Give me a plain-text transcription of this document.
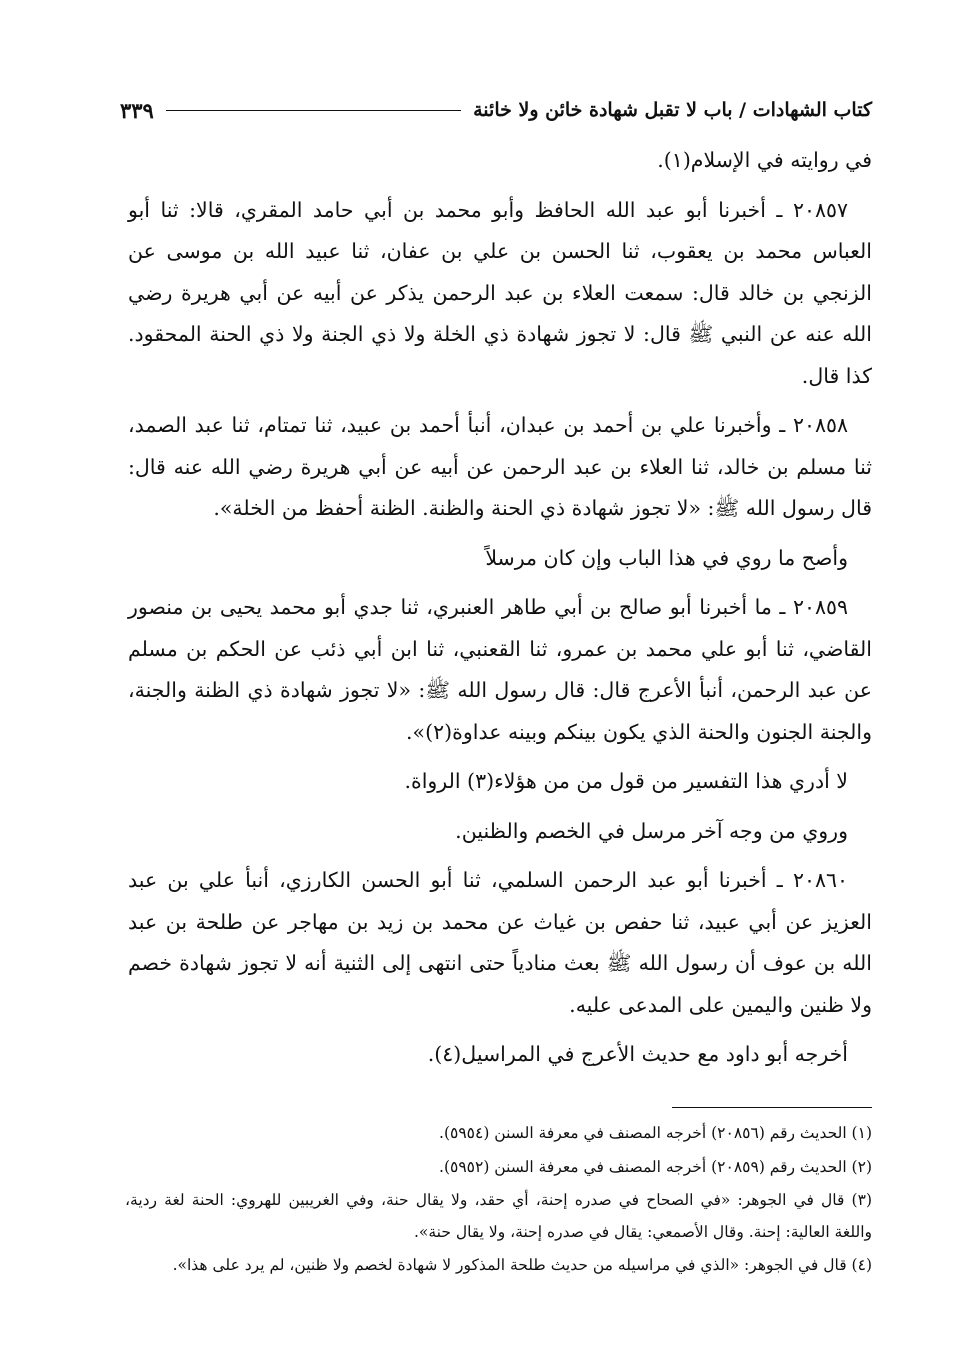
كتاب الشهادات / باب لا تقبل شهادة خائن ولا خائنة
٣٣٩

في روايته في الإسلام(١).

٢٠٨٥٧ ـ أخبرنا أبو عبد الله الحافظ وأبو محمد بن أبي حامد المقري، قالا: ثنا أبو العباس محمد بن يعقوب، ثنا الحسن بن علي بن عفان، ثنا عبيد الله بن موسى عن الزنجي بن خالد قال: سمعت العلاء بن عبد الرحمن يذكر عن أبيه عن أبي هريرة رضي الله عنه عن النبي ﷺ قال: لا تجوز شهادة ذي الخلة ولا ذي الجنة ولا ذي الحنة المحقود. كذا قال.

٢٠٨٥٨ ـ وأخبرنا علي بن أحمد بن عبدان، أنبأ أحمد بن عبيد، ثنا تمتام، ثنا عبد الصمد، ثنا مسلم بن خالد، ثنا العلاء بن عبد الرحمن عن أبيه عن أبي هريرة رضي الله عنه قال: قال رسول الله ﷺ: «لا تجوز شهادة ذي الحنة والظنة. الظنة أحفظ من الخلة».

وأصح ما روي في هذا الباب وإن كان مرسلاً

٢٠٨٥٩ ـ ما أخبرنا أبو صالح بن أبي طاهر العنبري، ثنا جدي أبو محمد يحيى بن منصور القاضي، ثنا أبو علي محمد بن عمرو، ثنا القعنبي، ثنا ابن أبي ذئب عن الحكم بن مسلم عن عبد الرحمن، أنبأ الأعرج قال: قال رسول الله ﷺ: «لا تجوز شهادة ذي الظنة والجنة، والجنة الجنون والحنة الذي يكون بينكم وبينه عداوة(٢)».

لا أدري هذا التفسير من قول من من هؤلاء(٣) الرواة.

وروي من وجه آخر مرسل في الخصم والظنين.

٢٠٨٦٠ ـ أخبرنا أبو عبد الرحمن السلمي، ثنا أبو الحسن الكارزي، أنبأ علي بن عبد العزيز عن أبي عبيد، ثنا حفص بن غياث عن محمد بن زيد بن مهاجر عن طلحة بن عبد الله بن عوف أن رسول الله ﷺ بعث منادياً حتى انتهى إلى الثنية أنه لا تجوز شهادة خصم ولا ظنين واليمين على المدعى عليه.

أخرجه أبو داود مع حديث الأعرج في المراسيل(٤).

(١) الحديث رقم (٢٠٨٥٦) أخرجه المصنف في معرفة السنن (٥٩٥٤).

(٢) الحديث رقم (٢٠٨٥٩) أخرجه المصنف في معرفة السنن (٥٩٥٢).

(٣) قال في الجوهر: «في الصحاح في صدره إحنة، أي حقد، ولا يقال حنة، وفي الغريبين للهروي: الحنة لغة ردية، واللغة العالية: إحنة. وقال الأصمعي: يقال في صدره إحنة، ولا يقال حنة».

(٤) قال في الجوهر: «الذي في مراسيله من حديث طلحة المذكور لا شهادة لخصم ولا ظنين، لم يرد على هذا».
